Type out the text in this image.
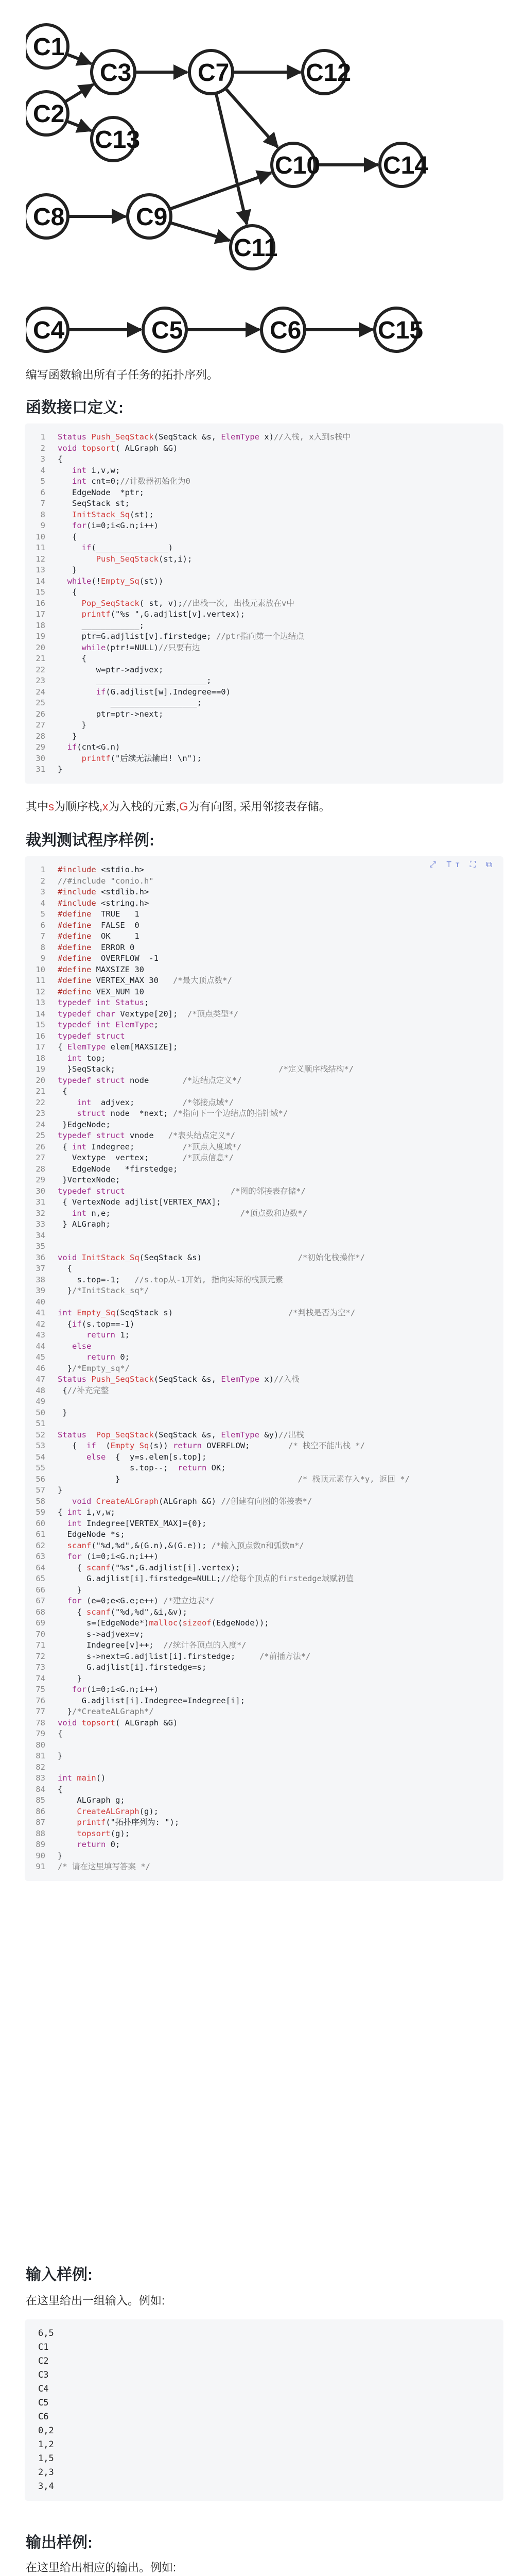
C1
C2
C3	C7	C12
C13
C10	C14
C8	C9
C11
C4	C5	C6	C15
编写函数输出所有子任务的拓扑序列。
函数接口定义:
1 Status Push_SeqStack(SeqStack &s, ElemType x)//入栈, x入到s栈中
2 void topsort( ALGraph &G)
3 {
4	int i,v,w;
5	int cnt=0;//计数器初始化为0
6   EdgeNode  *ptr;
7   SeqStack st;
8	InitStack_Sq(st);
9	for(i=0;i<G.n;i++)
10   {
11	if(_______________)
12	Push_SeqStack(st,i);
13   }
14	while(!Empty_Sq(st))
15   {
16	Pop_SeqStack( st, v);//出栈一次, 出栈元素放在v中
17	printf("%s ",G.adjlist[v].vertex);
18     ____________;
19     ptr=G.adjlist[v].firstedge; //ptr指向第一个边结点
20	while(ptr!=NULL)//只要有边
21     {
22        w=ptr->adjvex;
23        _______________________;
24	if(G.adjlist[w].Indegree==0)
25           __________________;
26        ptr=ptr->next;
27     }
28   }
29	if(cnt<G.n)
30	printf("后续无法输出! \n");
31 }
其中s为顺序栈,x为入栈的元素,G为有向图, 采用邻接表存储。
裁判测试程序样例:
⤢ Tт ⛶ ⧉
1 #include <stdio.h>
2 //#include "conio.h"
3 #include <stdlib.h>
4 #include <string.h>
5 #define  TRUE   1
6 #define  FALSE  0
7 #define  OK     1
8 #define  ERROR 0
9 #define  OVERFLOW  -1
10 #define MAXSIZE 30
11 #define VERTEX_MAX 30   /*最大顶点数*/
12 #define VEX_NUM 10
13 typedef int Status;
14 typedef char Vextype[20];  /*顶点类型*/
15 typedef int ElemType;
16 typedef struct
17 { ElemType elem[MAXSIZE];
18	int top;
19  }SeqStack;                                  /*定义顺序栈结构*/
20 typedef struct node       /*边结点定义*/
21 {
22	int  adjvex;          /*邻接点域*/
23	struct node  *next; /*指向下一个边结点的指针域*/
24 }EdgeNode;
25 typedef struct vnode   /*表头结点定义*/
26 { int Indegree;          /*顶点入度域*/
27   Vextype  vertex;       /*顶点信息*/
28   EdgeNode   *firstedge;
29 }VertexNode;
30 typedef struct	/*图的邻接表存储*/
31 { VertexNode adjlist[VERTEX_MAX];
32	int n,e;                           /*顶点数和边数*/
33 } ALGraph;
34
35
36 void InitStack_Sq(SeqStack &s)                    /*初始化栈操作*/
37  {
38    s.top=-1;   //s.top从-1开始, 指向实际的栈顶元素
39  }/*InitStack_sq*/
40
41 int Empty_Sq(SeqStack s)                        /*判栈是否为空*/
42  {if(s.top==-1)
43	return 1;
44	else
45	return 0;
46  }/*Empty_sq*/
47 Status Push_SeqStack(SeqStack &s, ElemType x)//入栈
48 {//补充完整
49
50 }
51
52 Status Pop_SeqStack(SeqStack &s, ElemType &y)//出栈
53   {  if  (Empty_Sq(s)) return OVERFLOW;        /* 栈空不能出栈 */
54	else  {  y=s.elem[s.top];
55               s.top--;  return OK;
56            }                                     /* 栈顶元素存入*y, 返回 */
57 }
58	void CreateALGraph(ALGraph &G) //创建有向图的邻接表*/
59 { int i,v,w;
60	int Indegree[VERTEX_MAX]={0};
61  EdgeNode *s;
62	scanf("%d,%d",&(G.n),&(G.e)); /*输入顶点数n和弧数m*/
63	for (i=0;i<G.n;i++)
64    { scanf("%s",G.adjlist[i].vertex);
65      G.adjlist[i].firstedge=NULL;//给每个顶点的firstedge域赋初值
66    }
67	for (e=0;e<G.e;e++) /*建立边表*/
68    { scanf("%d,%d",&i,&v);
69      s=(EdgeNode*)malloc(sizeof(EdgeNode));
70      s->adjvex=v;
71      Indegree[v]++;  //统计各顶点的入度*/
72      s->next=G.adjlist[i].firstedge;     /*前插方法*/
73      G.adjlist[i].firstedge=s;
74    }
75	for(i=0;i<G.n;i++)
76     G.adjlist[i].Indegree=Indegree[i];
77  }/*CreateALGraph*/
78 void topsort( ALGraph &G)
79 {
80
81 }
82
83 int main()
84 {
85    ALGraph g;
86	CreateALGraph(g);
87	printf("拓扑序列为: ");
88	topsort(g);
89	return 0;
90 }
91 /* 请在这里填写答案 */
输入样例:
在这里给出一组输入。例如:
6,5
C1
C2
C3
C4
C5
C6
0,2
1,2
1,5
2,3
3,4
输出样例:
在这里给出相应的输出。例如:
